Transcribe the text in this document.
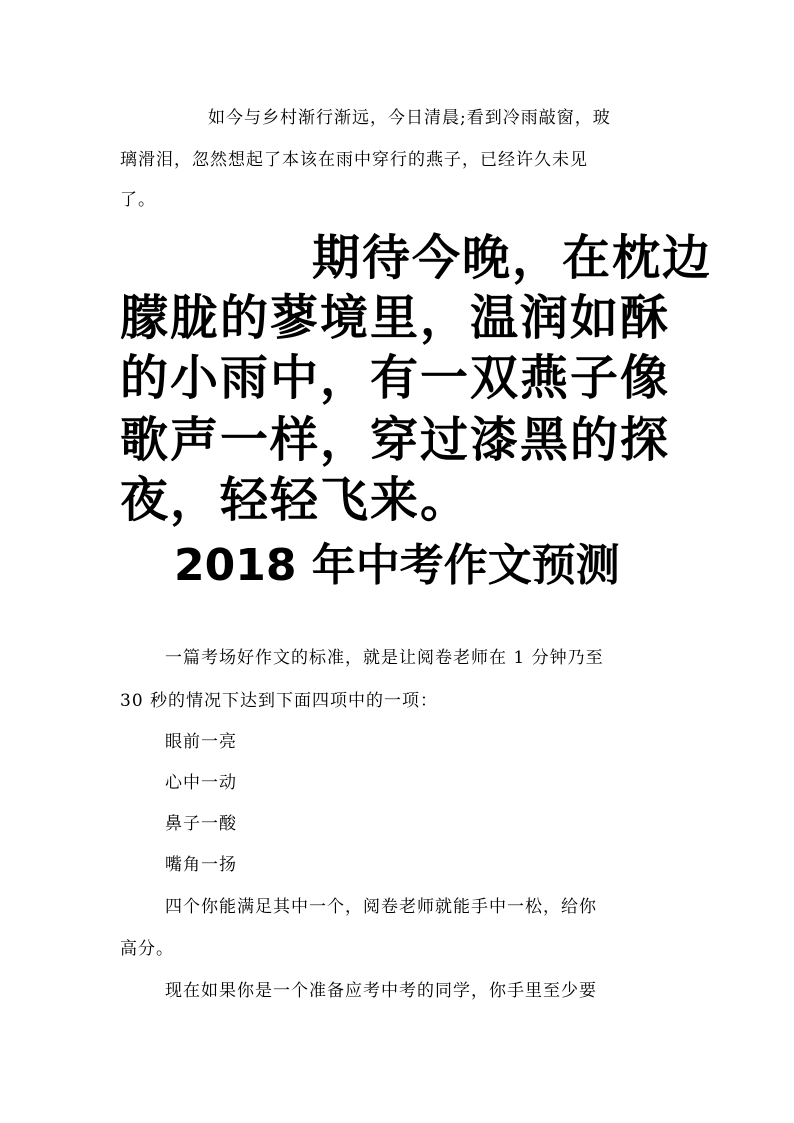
如今与乡村渐行渐远，今日清晨;看到冷雨敲窗，玻
璃滑泪，忽然想起了本该在雨中穿行的燕子，已经许久未见
了。
期待今晚，在枕边
朦胧的蓼境里，温润如酥
的小雨中，有一双燕子像
歌声一样，穿过漆黑的探
夜，轻轻飞来。
2018 年中考作文预测
一篇考场好作文的标准，就是让阅卷老师在 1 分钟乃至
30 秒的情况下达到下面四项中的一项：
眼前一亮
心中一动
鼻子一酸
嘴角一扬
四个你能满足其中一个，阅卷老师就能手中一松，给你
高分。
现在如果你是一个准备应考中考的同学，你手里至少要
